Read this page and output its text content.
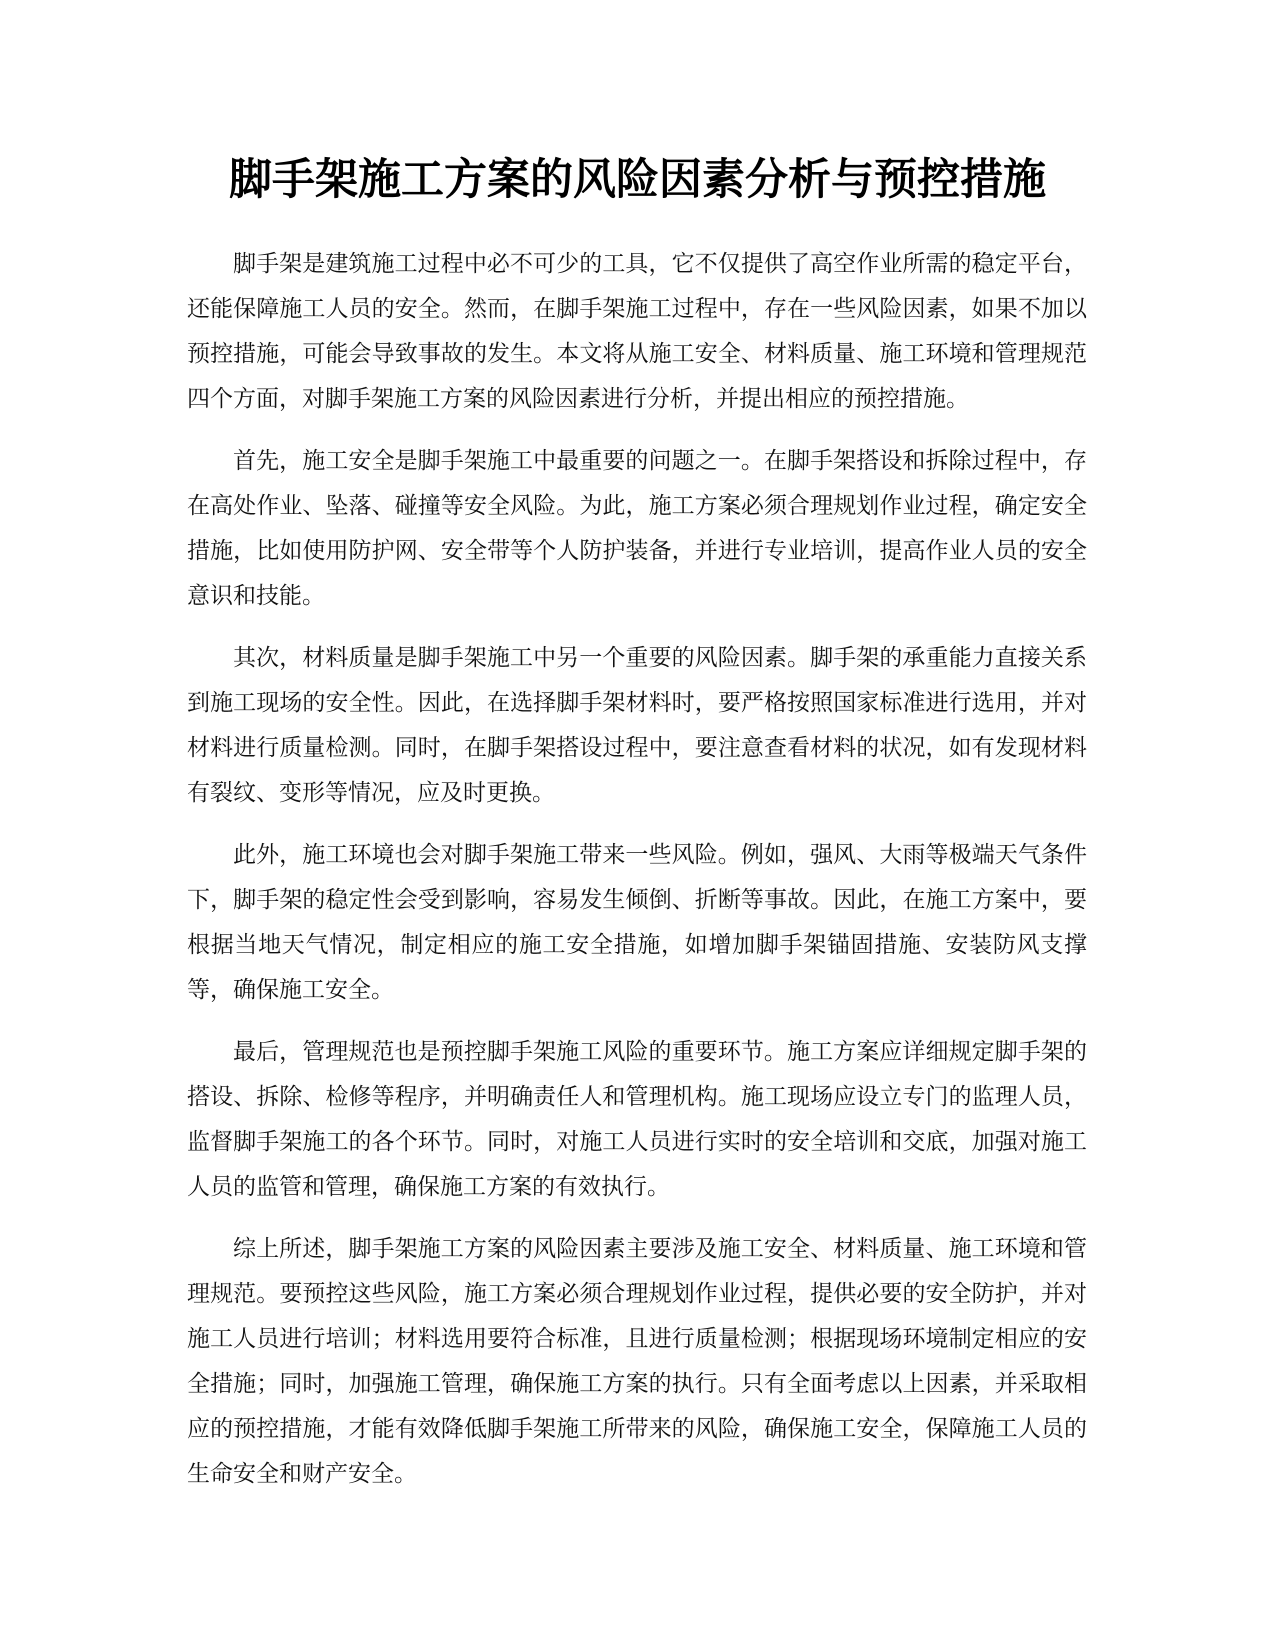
脚手架施工方案的风险因素分析与预控措施

脚手架是建筑施工过程中必不可少的工具，它不仅提供了高空作业所需的稳定平台，还能保障施工人员的安全。然而，在脚手架施工过程中，存在一些风险因素，如果不加以预控措施，可能会导致事故的发生。本文将从施工安全、材料质量、施工环境和管理规范四个方面，对脚手架施工方案的风险因素进行分析，并提出相应的预控措施。

首先，施工安全是脚手架施工中最重要的问题之一。在脚手架搭设和拆除过程中，存在高处作业、坠落、碰撞等安全风险。为此，施工方案必须合理规划作业过程，确定安全措施，比如使用防护网、安全带等个人防护装备，并进行专业培训，提高作业人员的安全意识和技能。

其次，材料质量是脚手架施工中另一个重要的风险因素。脚手架的承重能力直接关系到施工现场的安全性。因此，在选择脚手架材料时，要严格按照国家标准进行选用，并对材料进行质量检测。同时，在脚手架搭设过程中，要注意查看材料的状况，如有发现材料有裂纹、变形等情况，应及时更换。

此外，施工环境也会对脚手架施工带来一些风险。例如，强风、大雨等极端天气条件下，脚手架的稳定性会受到影响，容易发生倾倒、折断等事故。因此，在施工方案中，要根据当地天气情况，制定相应的施工安全措施，如增加脚手架锚固措施、安装防风支撑等，确保施工安全。

最后，管理规范也是预控脚手架施工风险的重要环节。施工方案应详细规定脚手架的搭设、拆除、检修等程序，并明确责任人和管理机构。施工现场应设立专门的监理人员，监督脚手架施工的各个环节。同时，对施工人员进行实时的安全培训和交底，加强对施工人员的监管和管理，确保施工方案的有效执行。

综上所述，脚手架施工方案的风险因素主要涉及施工安全、材料质量、施工环境和管理规范。要预控这些风险，施工方案必须合理规划作业过程，提供必要的安全防护，并对施工人员进行培训；材料选用要符合标准，且进行质量检测；根据现场环境制定相应的安全措施；同时，加强施工管理，确保施工方案的执行。只有全面考虑以上因素，并采取相应的预控措施，才能有效降低脚手架施工所带来的风险，确保施工安全，保障施工人员的生命安全和财产安全。
